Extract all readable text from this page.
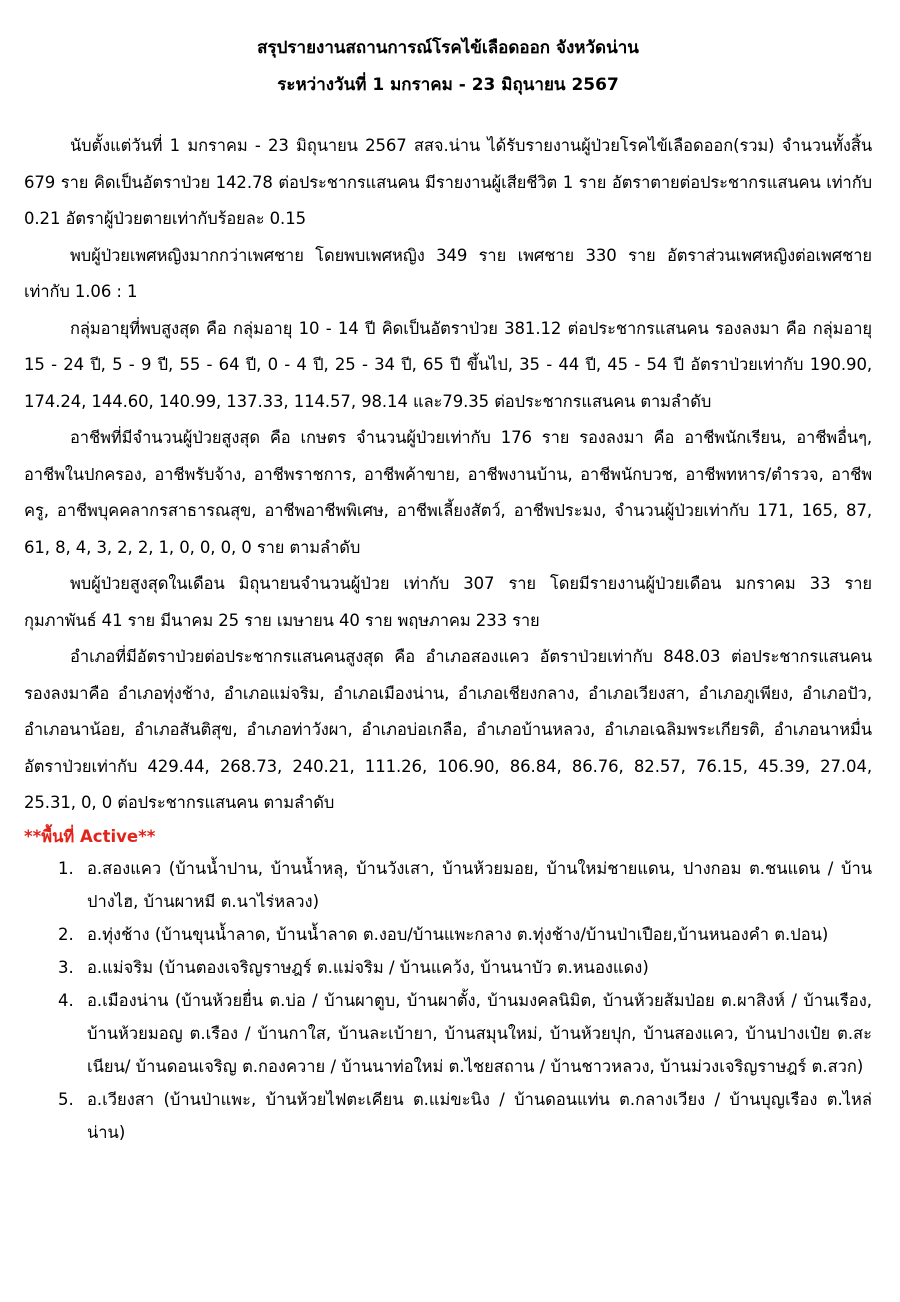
สรุปรายงานสถานการณ์โรคไข้เลือดออก จังหวัดน่าน

ระหว่างวันที่ 1 มกราคม - 23 มิถุนายน 2567

นับตั้งแต่วันที่ 1 มกราคม - 23 มิถุนายน 2567 สสจ.น่าน ได้รับรายงานผู้ป่วยโรคไข้เลือดออก(รวม) จำนวนทั้งสิ้น 679 ราย คิดเป็นอัตราป่วย 142.78 ต่อประชากรแสนคน มีรายงานผู้เสียชีวิต 1 ราย อัตราตายต่อประชากรแสนคน เท่ากับ 0.21 อัตราผู้ป่วยตายเท่ากับร้อยละ 0.15

พบผู้ป่วยเพศหญิงมากกว่าเพศชาย โดยพบเพศหญิง 349 ราย เพศชาย 330 ราย อัตราส่วนเพศหญิงต่อเพศชาย เท่ากับ 1.06 : 1

กลุ่มอายุที่พบสูงสุด คือ กลุ่มอายุ 10 - 14 ปี คิดเป็นอัตราป่วย 381.12 ต่อประชากรแสนคน รองลงมา คือ กลุ่มอายุ 15 - 24 ปี, 5 - 9 ปี, 55 - 64 ปี, 0 - 4 ปี, 25 - 34 ปี, 65 ปี ขึ้นไป, 35 - 44 ปี, 45 - 54 ปี อัตราป่วยเท่ากับ 190.90, 174.24, 144.60, 140.99, 137.33, 114.57, 98.14 และ79.35 ต่อประชากรแสนคน ตามลำดับ

อาชีพที่มีจำนวนผู้ป่วยสูงสุด คือ เกษตร จำนวนผู้ป่วยเท่ากับ 176 ราย รองลงมา คือ อาชีพนักเรียน, อาชีพอื่นๆ, อาชีพในปกครอง, อาชีพรับจ้าง, อาชีพราชการ, อาชีพค้าขาย, อาชีพงานบ้าน, อาชีพนักบวช, อาชีพทหาร/ตำรวจ, อาชีพครู, อาชีพบุคคลากรสาธารณสุข, อาชีพอาชีพพิเศษ, อาชีพเลี้ยงสัตว์, อาชีพประมง, จำนวนผู้ป่วยเท่ากับ 171, 165, 87, 61, 8, 4, 3, 2, 2, 1, 0, 0, 0, 0 ราย ตามลำดับ

พบผู้ป่วยสูงสุดในเดือน มิถุนายนจำนวนผู้ป่วย เท่ากับ 307 ราย โดยมีรายงานผู้ป่วยเดือน มกราคม 33 ราย กุมภาพันธ์ 41 ราย มีนาคม 25 ราย เมษายน 40 ราย พฤษภาคม 233 ราย

อำเภอที่มีอัตราป่วยต่อประชากรแสนคนสูงสุด คือ อำเภอสองแคว อัตราป่วยเท่ากับ 848.03 ต่อประชากรแสนคน รองลงมาคือ อำเภอทุ่งช้าง, อำเภอแม่จริม, อำเภอเมืองน่าน, อำเภอเชียงกลาง, อำเภอเวียงสา, อำเภอภูเพียง, อำเภอปัว, อำเภอนาน้อย, อำเภอสันติสุข, อำเภอท่าวังผา, อำเภอบ่อเกลือ, อำเภอบ้านหลวง, อำเภอเฉลิมพระเกียรติ, อำเภอนาหมื่น อัตราป่วยเท่ากับ 429.44, 268.73, 240.21, 111.26, 106.90, 86.84, 86.76, 82.57, 76.15, 45.39, 27.04, 25.31, 0, 0 ต่อประชากรแสนคน ตามลำดับ

**พื้นที่ Active**

1. อ.สองแคว (บ้านน้ำปาน, บ้านน้ำหลุ, บ้านวังเสา, บ้านห้วยมอย, บ้านใหม่ชายแดน, ปางกอม ต.ชนแดน / บ้านปางไฮ, บ้านผาหมี ต.นาไร่หลวง)
2. อ.ทุ่งช้าง (บ้านขุนน้ำลาด, บ้านน้ำลาด ต.งอบ/บ้านแพะกลาง ต.ทุ่งช้าง/บ้านป่าเปือย,บ้านหนองคำ ต.ปอน)
3. อ.แม่จริม (บ้านตองเจริญราษฎร์ ต.แม่จริม / บ้านแคว้ง, บ้านนาบัว ต.หนองแดง)
4. อ.เมืองน่าน (บ้านห้วยยื่น ต.บ่อ / บ้านผาตูบ, บ้านผาตั้ง, บ้านมงคลนิมิต, บ้านห้วยส้มป่อย ต.ผาสิงห์ / บ้านเรือง, บ้านห้วยมอญ ต.เรือง / บ้านกาใส, บ้านละเบ้ายา, บ้านสมุนใหม่, บ้านห้วยปุก, บ้านสองแคว, บ้านปางเป๋ย ต.สะเนียน/ บ้านดอนเจริญ ต.กองควาย / บ้านนาท่อใหม่ ต.ไชยสถาน / บ้านชาวหลวง, บ้านม่วงเจริญราษฎร์ ต.สวก)
5. อ.เวียงสา (บ้านป่าแพะ, บ้านห้วยไฟตะเคียน ต.แม่ขะนิง / บ้านดอนแท่น ต.กลางเวียง / บ้านบุญเรือง ต.ไหล่น่าน)
